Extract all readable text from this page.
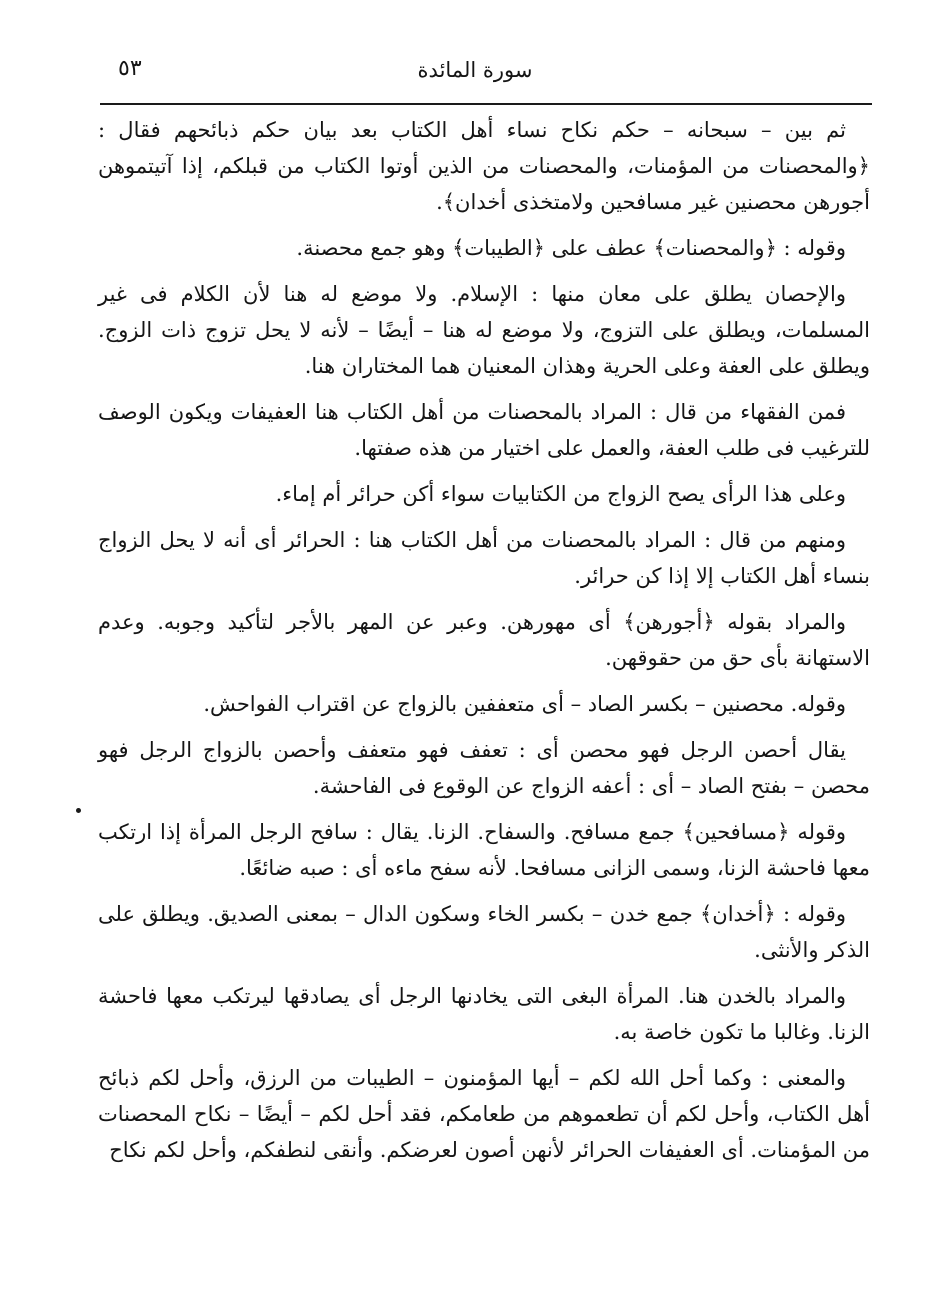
٥٣	سورة المائدة

ثم بين – سبحانه – حكم نكاح نساء أهل الكتاب بعد بيان حكم ذبائحهم فقال : ﴿والمحصنات من المؤمنات، والمحصنات من الذين أوتوا الكتاب من قبلكم، إذا آتيتموهن أجورهن محصنين غير مسافحين ولامتخذى أخدان﴾.

وقوله : ﴿والمحصنات﴾ عطف على ﴿الطيبات﴾ وهو جمع محصنة.

والإحصان يطلق على معان منها : الإسلام. ولا موضع له هنا لأن الكلام فى غير المسلمات، ويطلق على التزوج، ولا موضع له هنا – أيضًا – لأنه لا يحل تزوج ذات الزوج. ويطلق على العفة وعلى الحرية وهذان المعنيان هما المختاران هنا.

فمن الفقهاء من قال : المراد بالمحصنات من أهل الكتاب هنا العفيفات ويكون الوصف للترغيب فى طلب العفة، والعمل على اختيار من هذه صفتها.

وعلى هذا الرأى يصح الزواج من الكتابيات سواء أكن حرائر أم إماء.

ومنهم من قال : المراد بالمحصنات من أهل الكتاب هنا : الحرائر أى أنه لا يحل الزواج بنساء أهل الكتاب إلا إذا كن حرائر.

والمراد بقوله ﴿أجورهن﴾ أى مهورهن. وعبر عن المهر بالأجر لتأكيد وجوبه. وعدم الاستهانة بأى حق من حقوقهن.

وقوله. محصنين – بكسر الصاد – أى متعففين بالزواج عن اقتراب الفواحش.

يقال أحصن الرجل فهو محصن أى : تعفف فهو متعفف وأحصن بالزواج الرجل فهو محصن – بفتح الصاد – أى : أعفه الزواج عن الوقوع فى الفاحشة.

وقوله ﴿مسافحين﴾ جمع مسافح. والسفاح. الزنا. يقال : سافح الرجل المرأة إذا ارتكب معها فاحشة الزنا، وسمى الزانى مسافحا. لأنه سفح ماءه أى : صبه ضائعًا.

وقوله : ﴿أخدان﴾ جمع خدن – بكسر الخاء وسكون الدال – بمعنى الصديق. ويطلق على الذكر والأنثى.

والمراد بالخدن هنا. المرأة البغى التى يخادنها الرجل أى يصادقها ليرتكب معها فاحشة الزنا. وغالبا ما تكون خاصة به.

والمعنى : وكما أحل الله لكم – أيها المؤمنون – الطيبات من الرزق، وأحل لكم ذبائح أهل الكتاب، وأحل لكم أن تطعموهم من طعامكم، فقد أحل لكم – أيضًا – نكاح المحصنات من المؤمنات. أى العفيفات الحرائر لأنهن أصون لعرضكم. وأنقى لنطفكم، وأحل لكم نكاح
